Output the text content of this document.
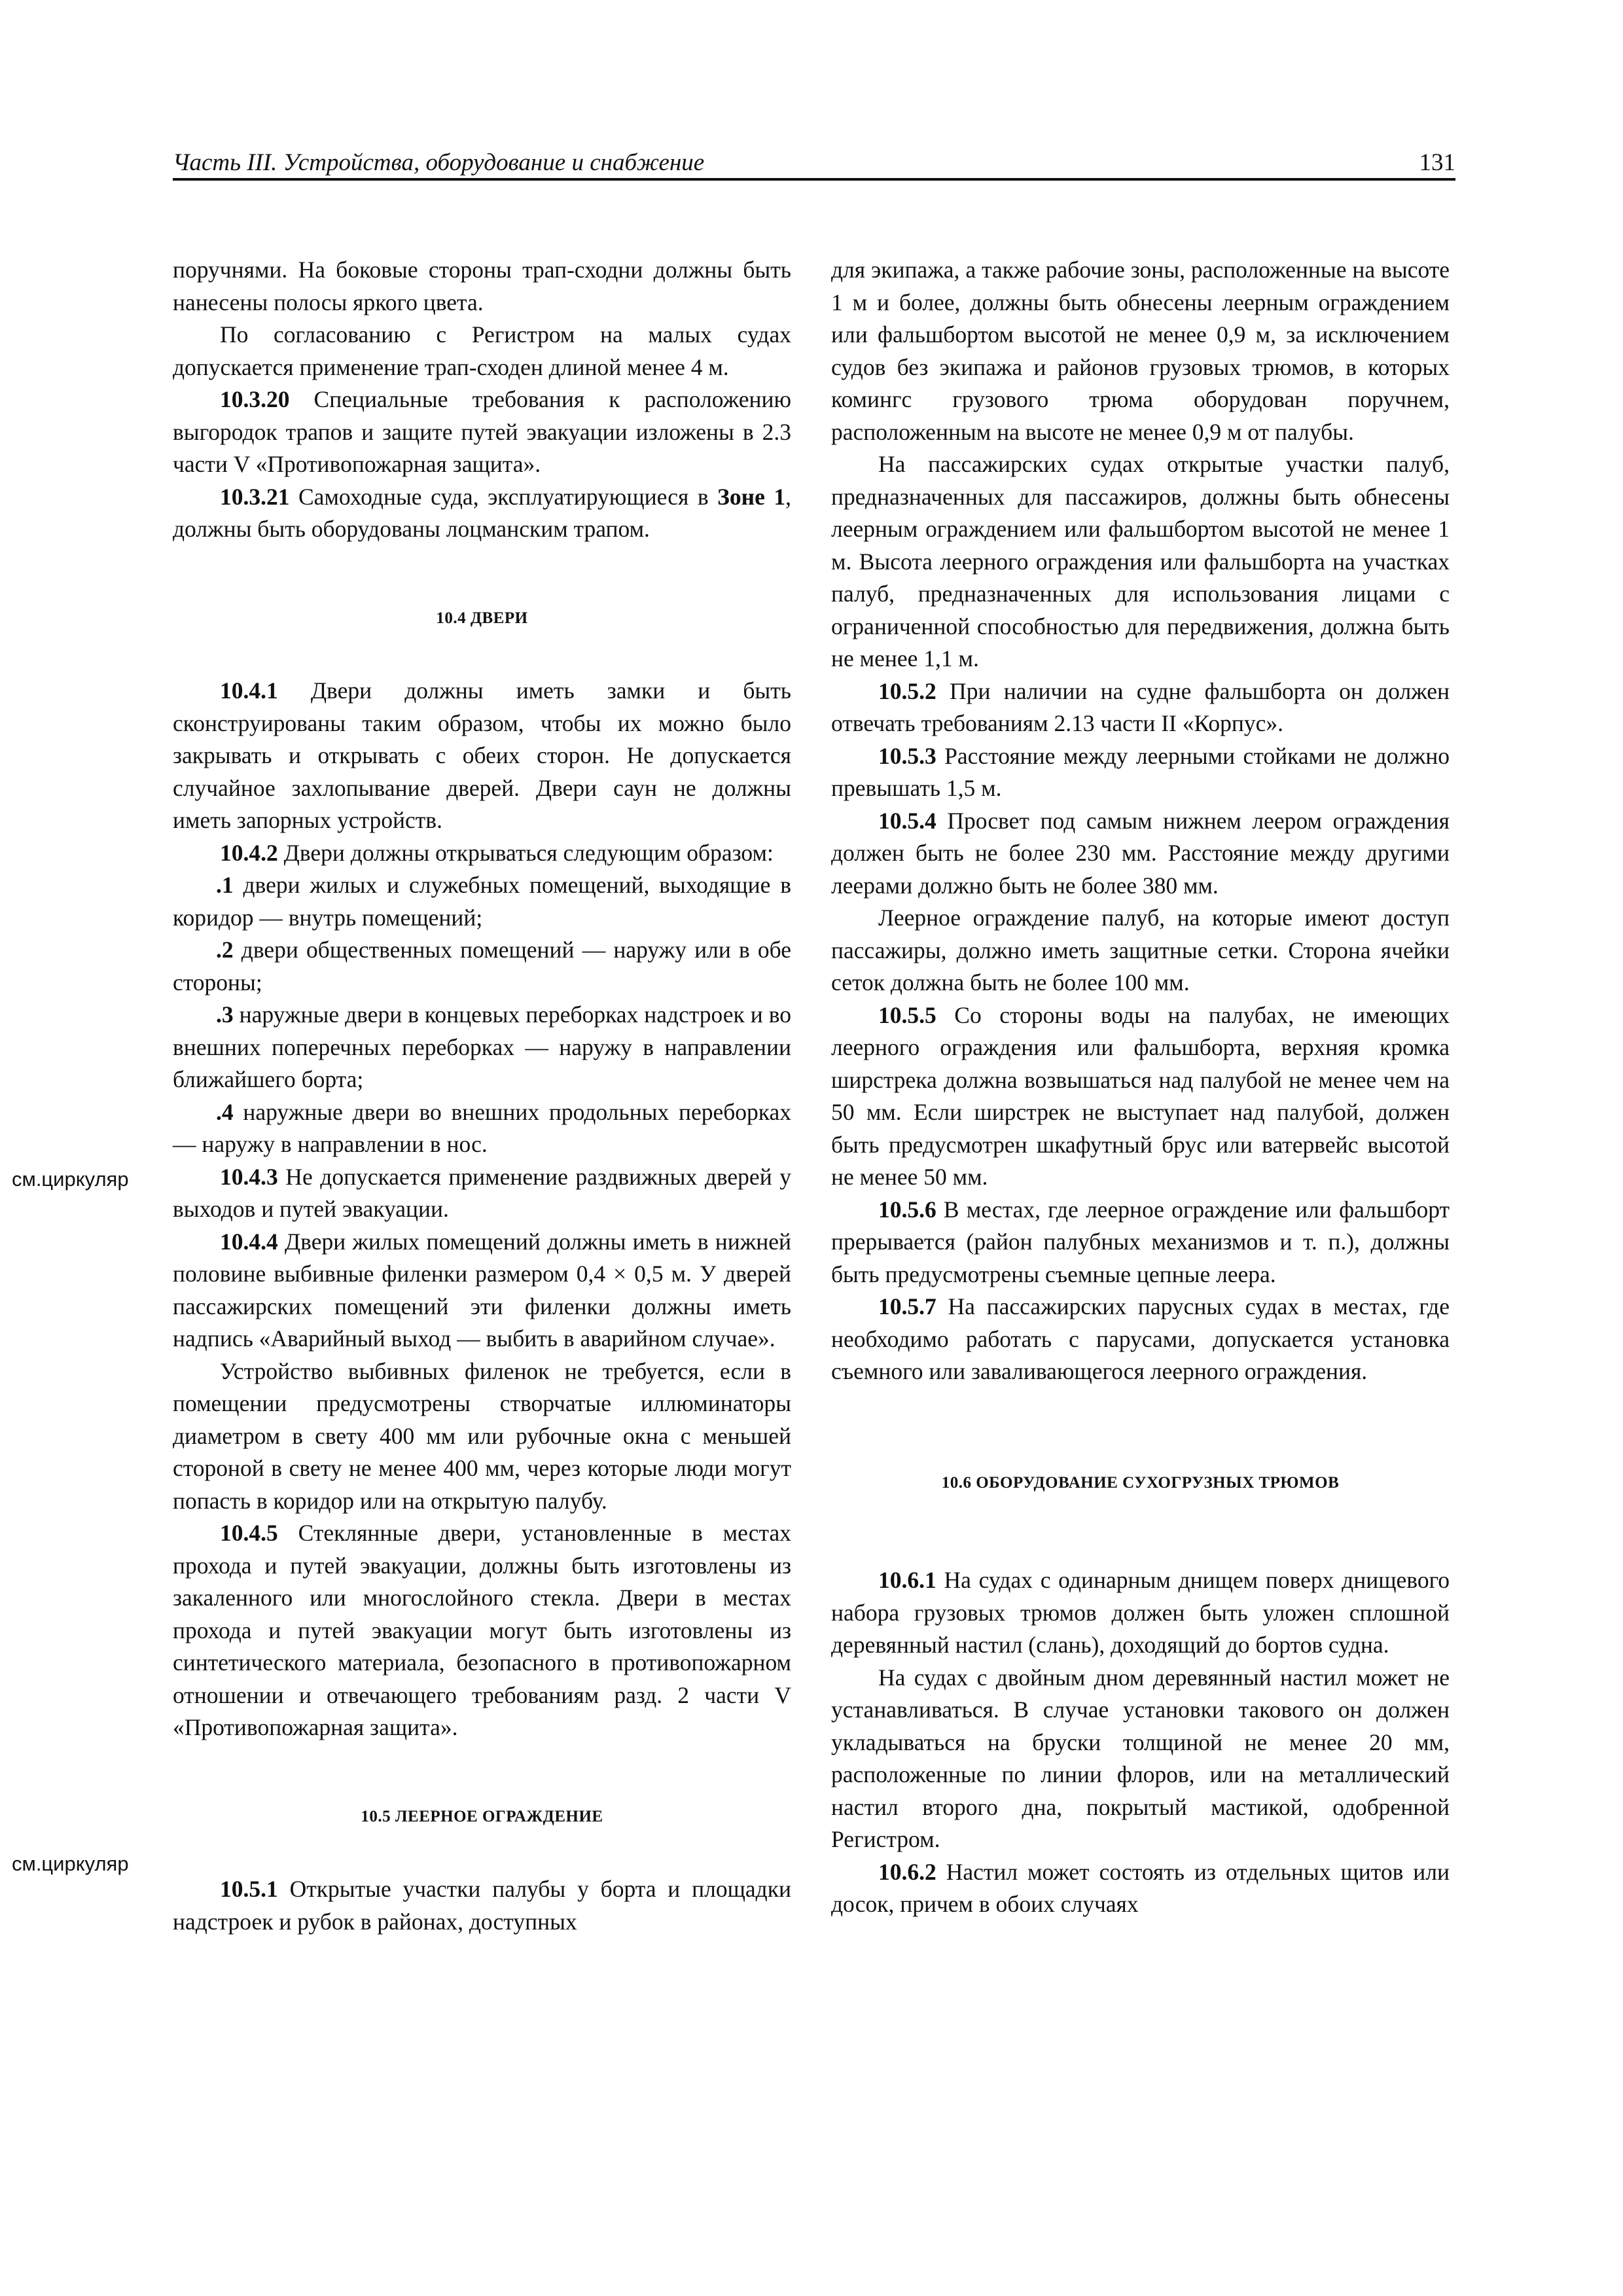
Часть III. Устройства, оборудование и снабжение	131
см.циркуляр
см.циркуляр

поручнями. На боковые стороны трап-сходни должны быть нанесены полосы яркого цвета.

По согласованию с Регистром на малых судах допускается применение трап-сходен длиной менее 4 м.

10.3.20 Специальные требования к расположению выгородок трапов и защите путей эвакуации изложены в 2.3 части V «Противопожарная защита».

10.3.21 Самоходные суда, эксплуатирующиеся в Зоне 1, должны быть оборудованы лоцманским трапом.

10.4 ДВЕРИ

10.4.1 Двери должны иметь замки и быть сконструированы таким образом, чтобы их можно было закрывать и открывать с обеих сторон. Не допускается случайное захлопывание дверей. Двери саун не должны иметь запорных устройств.

10.4.2 Двери должны открываться следующим образом:

.1 двери жилых и служебных помещений, выходящие в коридор — внутрь помещений;

.2 двери общественных помещений — наружу или в обе стороны;

.3 наружные двери в концевых переборках надстроек и во внешних поперечных переборках — наружу в направлении ближайшего борта;

.4 наружные двери во внешних продольных переборках — наружу в направлении в нос.

10.4.3 Не допускается применение раздвижных дверей у выходов и путей эвакуации.

10.4.4 Двери жилых помещений должны иметь в нижней половине выбивные филенки размером 0,4 × 0,5 м. У дверей пассажирских помещений эти филенки должны иметь надпись «Аварийный выход — выбить в аварийном случае».

Устройство выбивных филенок не требуется, если в помещении предусмотрены створчатые иллюминаторы диаметром в свету 400 мм или рубочные окна с меньшей стороной в свету не менее 400 мм, через которые люди могут попасть в коридор или на открытую палубу.

10.4.5 Стеклянные двери, установленные в местах прохода и путей эвакуации, должны быть изготовлены из закаленного или многослойного стекла. Двери в местах прохода и путей эвакуации могут быть изготовлены из синтетического материала, безопасного в противопожарном отношении и отвечающего требованиям разд. 2 части V «Противопожарная защита».

10.5 ЛЕЕРНОЕ ОГРАЖДЕНИЕ

10.5.1 Открытые участки палубы у борта и площадки надстроек и рубок в районах, доступных

для экипажа, а также рабочие зоны, расположенные на высоте 1 м и более, должны быть обнесены леерным ограждением или фальшбортом высотой не менее 0,9 м, за исключением судов без экипажа и районов грузовых трюмов, в которых комингс грузового трюма оборудован поручнем, расположенным на высоте не менее 0,9 м от палубы.

На пассажирских судах открытые участки палуб, предназначенных для пассажиров, должны быть обнесены леерным ограждением или фальшбортом высотой не менее 1 м. Высота леерного ограждения или фальшборта на участках палуб, предназначенных для использования лицами с ограниченной способностью для передвижения, должна быть не менее 1,1 м.

10.5.2 При наличии на судне фальшборта он должен отвечать требованиям 2.13 части II «Корпус».

10.5.3 Расстояние между леерными стойками не должно превышать 1,5 м.

10.5.4 Просвет под самым нижнем леером ограждения должен быть не более 230 мм. Расстояние между другими леерами должно быть не более 380 мм.

Леерное ограждение палуб, на которые имеют доступ пассажиры, должно иметь защитные сетки. Сторона ячейки сеток должна быть не более 100 мм.

10.5.5 Со стороны воды на палубах, не имеющих леерного ограждения или фальшборта, верхняя кромка ширстрека должна возвышаться над палубой не менее чем на 50 мм. Если ширстрек не выступает над палубой, должен быть предусмотрен шкафутный брус или ватервейс высотой не менее 50 мм.

10.5.6 В местах, где леерное ограждение или фальшборт прерывается (район палубных механизмов и т. п.), должны быть предусмотрены съемные цепные леера.

10.5.7 На пассажирских парусных судах в местах, где необходимо работать с парусами, допускается установка съемного или заваливающегося леерного ограждения.

10.6 ОБОРУДОВАНИЕ СУХОГРУЗНЫХ ТРЮМОВ

10.6.1 На судах с одинарным днищем поверх днищевого набора грузовых трюмов должен быть уложен сплошной деревянный настил (слань), доходящий до бортов судна.

На судах с двойным дном деревянный настил может не устанавливаться. В случае установки такового он должен укладываться на бруски толщиной не менее 20 мм, расположенные по линии флоров, или на металлический настил второго дна, покрытый мастикой, одобренной Регистром.

10.6.2 Настил может состоять из отдельных щитов или досок, причем в обоих случаях
